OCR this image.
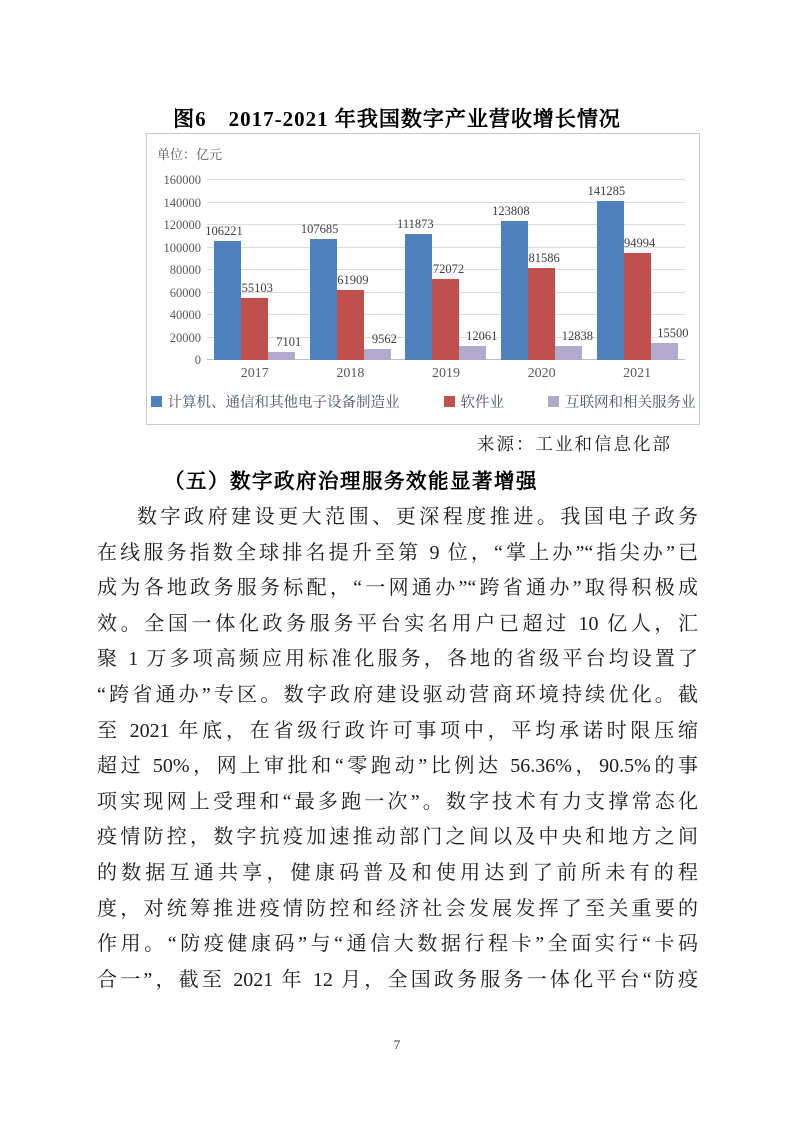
图6　2017-2021 年我国数字产业营收增长情况
单位：亿元
106221
55103
7101
107685
61909
9562
111873
72072
12061
123808
81586
12838
141285
94994
15500
2017	2018	2019	2020	2021
计算机、通信和其他电子设备制造业	软件业	互联网和相关服务业
0
20000
40000
60000
80000
100000
120000
140000
160000
来源：工业和信息化部
（五）数字政府治理服务效能显著增强
数字政府建设更大范围、更深程度推进。我国电子政务
在线服务指数全球排名提升至第 9 位，“掌上办”“指尖办”已
成为各地政务服务标配，“一网通办”“跨省通办”取得积极成
效。全国一体化政务服务平台实名用户已超过 10 亿人，汇
聚 1 万多项高频应用标准化服务，各地的省级平台均设置了
“跨省通办”专区。数字政府建设驱动营商环境持续优化。截
至 2021 年底，在省级行政许可事项中，平均承诺时限压缩
超过 50%，网上审批和“零跑动”比例达 56.36%，90.5%的事
项实现网上受理和“最多跑一次”。数字技术有力支撑常态化
疫情防控，数字抗疫加速推动部门之间以及中央和地方之间
的数据互通共享，健康码普及和使用达到了前所未有的程
度，对统筹推进疫情防控和经济社会发展发挥了至关重要的
作用。“防疫健康码”与“通信大数据行程卡”全面实行“卡码
合一”，截至 2021 年 12 月，全国政务服务一体化平台“防疫
7
